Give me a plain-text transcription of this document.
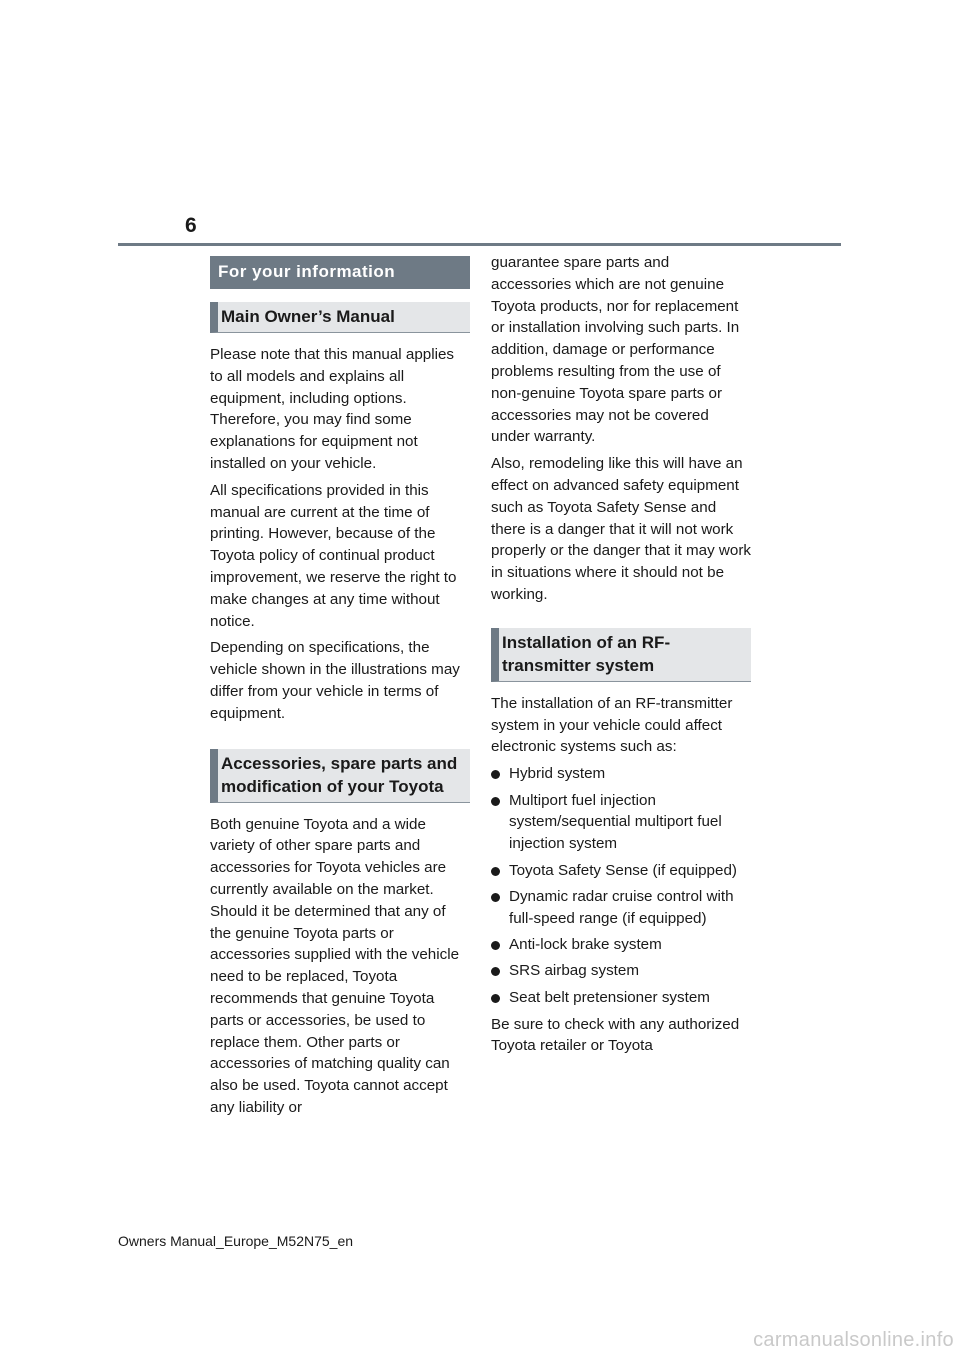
6
For your information
Main Owner’s Manual

Please note that this manual applies to all models and explains all equipment, including options. Therefore, you may find some explanations for equipment not installed on your vehicle.

All specifications provided in this manual are current at the time of printing. However, because of the Toyota policy of continual product improvement, we reserve the right to make changes at any time without notice.

Depending on specifications, the vehicle shown in the illustrations may differ from your vehicle in terms of equipment.

Accessories, spare parts and modification of your Toyota

Both genuine Toyota and a wide variety of other spare parts and accessories for Toyota vehicles are currently available on the market. Should it be determined that any of the genuine Toyota parts or accessories supplied with the vehicle need to be replaced, Toyota recommends that genuine Toyota parts or accessories, be used to replace them. Other parts or accessories of matching quality can also be used. Toyota cannot accept any liability or

guarantee spare parts and accessories which are not genuine Toyota products, nor for replacement or installation involving such parts. In addition, damage or performance problems resulting from the use of non-genuine Toyota spare parts or accessories may not be covered under warranty.

Also, remodeling like this will have an effect on advanced safety equipment such as Toyota Safety Sense and there is a danger that it will not work properly or the danger that it may work in situations where it should not be working.

Installation of an RF-transmitter system

The installation of an RF-transmitter system in your vehicle could affect electronic systems such as:

Hybrid system
Multiport fuel injection system/sequential multiport fuel injection system
Toyota Safety Sense (if equipped)
Dynamic radar cruise control with full-speed range (if equipped)
Anti-lock brake system
SRS airbag system
Seat belt pretensioner system

Be sure to check with any authorized Toyota retailer or Toyota

Owners Manual_Europe_M52N75_en
carmanualsonline.info
